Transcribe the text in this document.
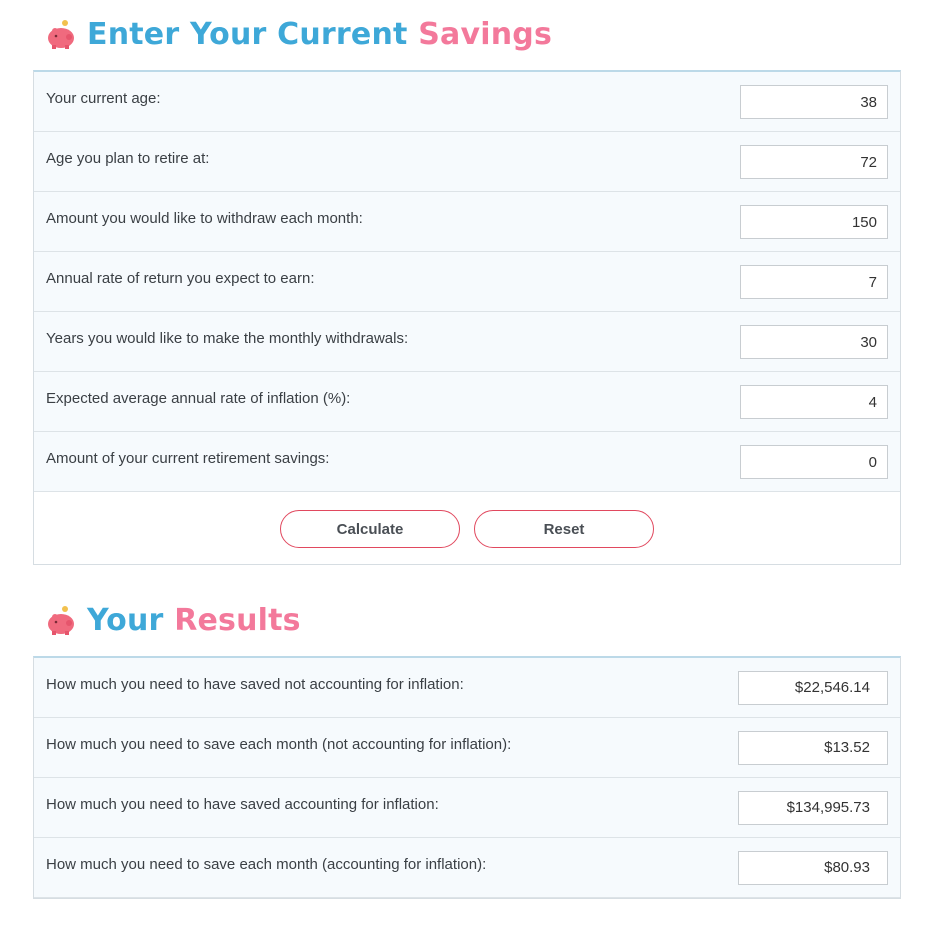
Enter Your Current Savings
Your current age:
38
Age you plan to retire at:
72
Amount you would like to withdraw each month:
150
Annual rate of return you expect to earn:
7
Years you would like to make the monthly withdrawals:
30
Expected average annual rate of inflation (%):
4
Amount of your current retirement savings:
0
Calculate	Reset
Your Results
How much you need to have saved not accounting for inflation:	$22,546.14
How much you need to save each month (not accounting for inflation):	$13.52
How much you need to have saved accounting for inflation:	$134,995.73
How much you need to save each month (accounting for inflation):	$80.93
